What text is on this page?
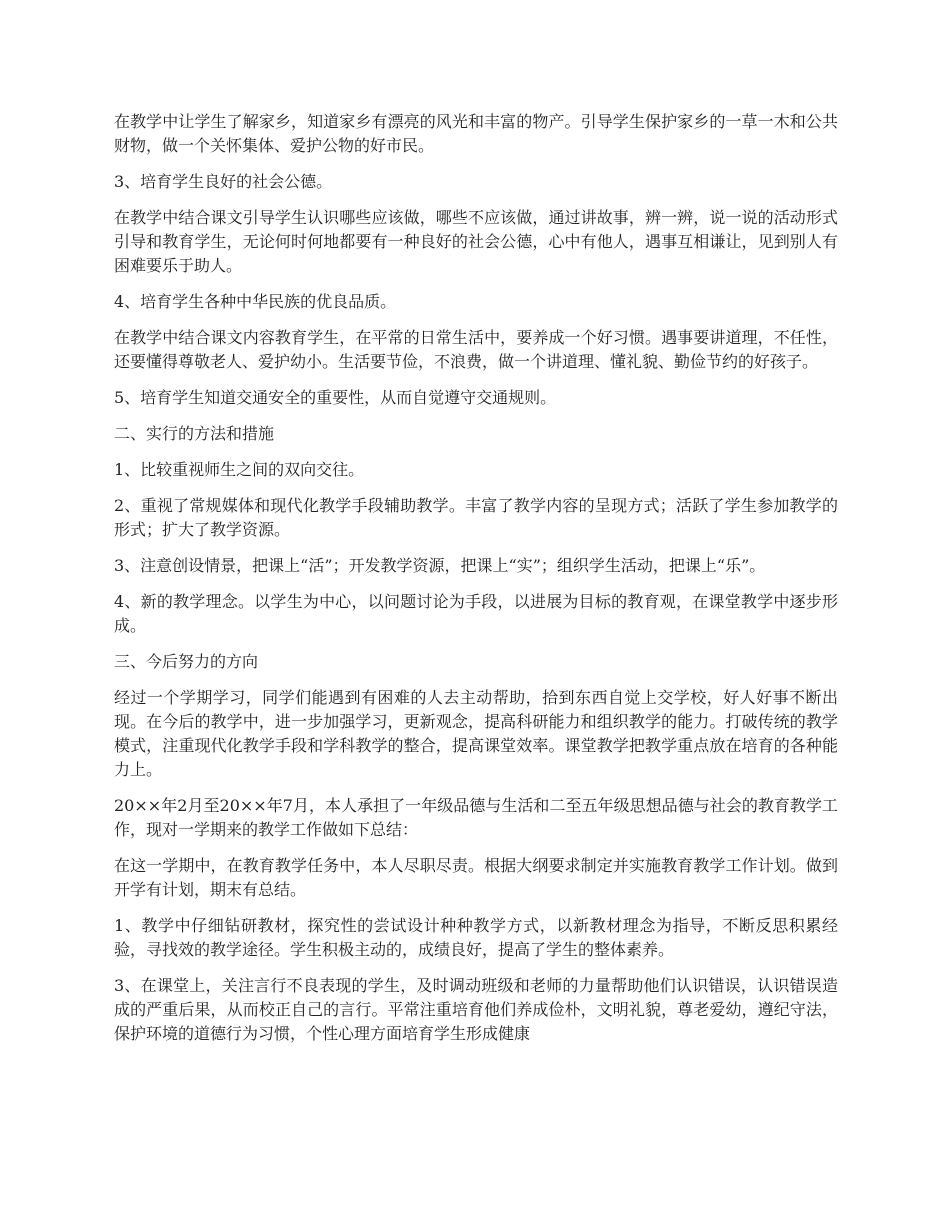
在教学中让学生了解家乡，知道家乡有漂亮的风光和丰富的物产。引导学生保护家乡的一草一木和公共财物，做一个关怀集体、爱护公物的好市民。

3、培育学生良好的社会公德。

在教学中结合课文引导学生认识哪些应该做，哪些不应该做，通过讲故事，辨一辨，说一说的活动形式引导和教育学生，无论何时何地都要有一种良好的社会公德，心中有他人，遇事互相谦让，见到别人有困难要乐于助人。

4、培育学生各种中华民族的优良品质。

在教学中结合课文内容教育学生，在平常的日常生活中，要养成一个好习惯。遇事要讲道理，不任性，还要懂得尊敬老人、爱护幼小。生活要节俭，不浪费，做一个讲道理、懂礼貌、勤俭节约的好孩子。

5、培育学生知道交通安全的重要性，从而自觉遵守交通规则。

二、实行的方法和措施

1、比较重视师生之间的双向交往。

2、重视了常规媒体和现代化教学手段辅助教学。丰富了教学内容的呈现方式；活跃了学生参加教学的形式；扩大了教学资源。

3、注意创设情景，把课上“活”；开发教学资源，把课上“实”；组织学生活动，把课上“乐”。

4、新的教学理念。以学生为中心，以问题讨论为手段，以进展为目标的教育观，在课堂教学中逐步形成。

三、今后努力的方向

经过一个学期学习，同学们能遇到有困难的人去主动帮助，拾到东西自觉上交学校，好人好事不断出现。在今后的教学中，进一步加强学习，更新观念，提高科研能力和组织教学的能力。打破传统的教学模式，注重现代化教学手段和学科教学的整合，提高课堂效率。课堂教学把教学重点放在培育的各种能力上。

20××年2月至20××年7月，本人承担了一年级品德与生活和二至五年级思想品德与社会的教育教学工作，现对一学期来的教学工作做如下总结：

在这一学期中，在教育教学任务中，本人尽职尽责。根据大纲要求制定并实施教育教学工作计划。做到开学有计划，期末有总结。

1、教学中仔细钻研教材，探究性的尝试设计种种教学方式，以新教材理念为指导，不断反思积累经验，寻找效的教学途径。学生积极主动的，成绩良好，提高了学生的整体素养。

3、在课堂上，关注言行不良表现的学生，及时调动班级和老师的力量帮助他们认识错误，认识错误造成的严重后果，从而校正自己的言行。平常注重培育他们养成俭朴，文明礼貌，尊老爱幼，遵纪守法，保护环境的道德行为习惯，个性心理方面培育学生形成健康
